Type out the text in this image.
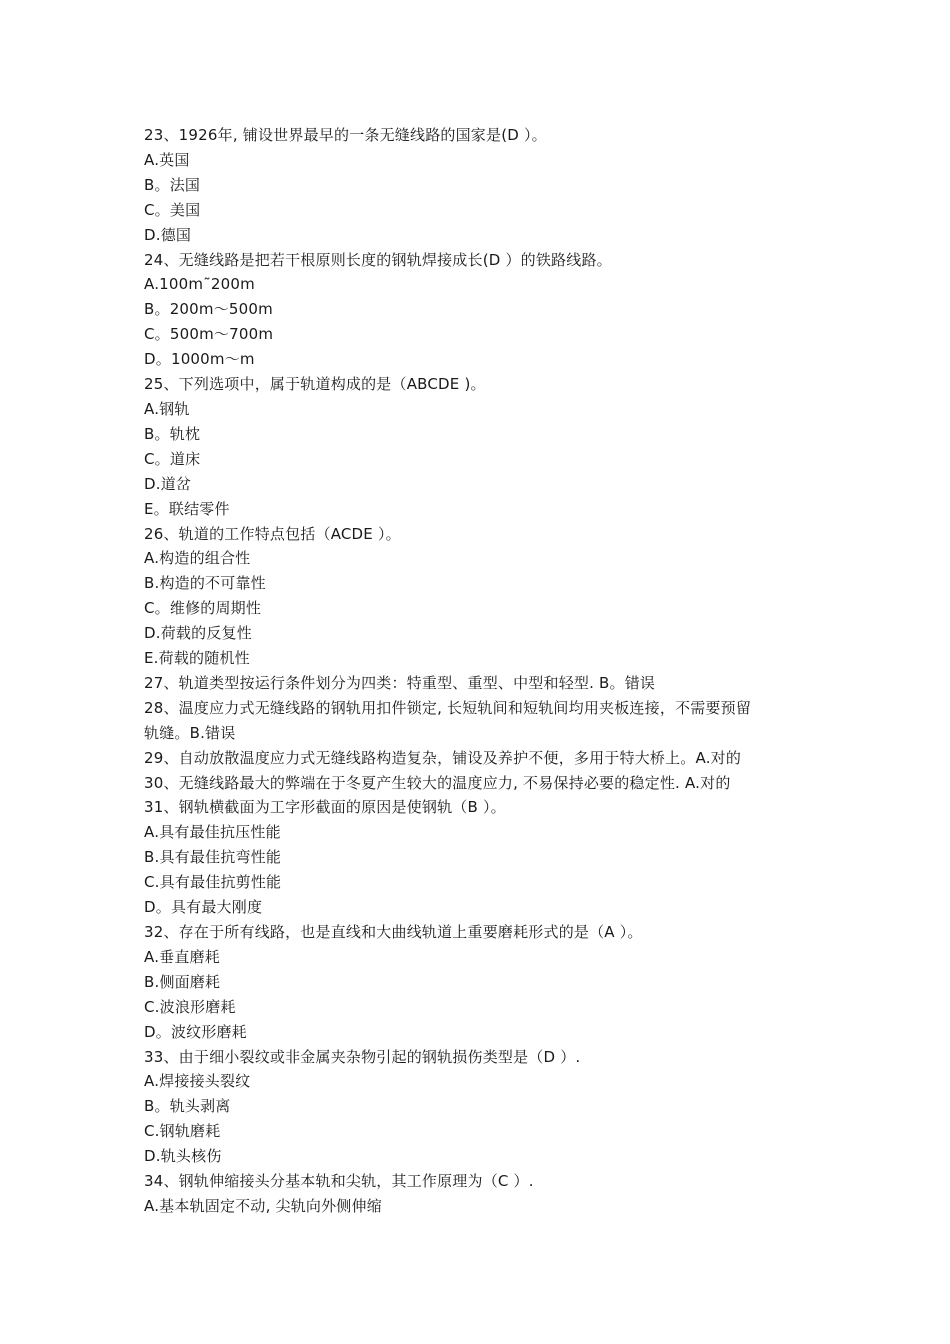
23、1926年, 铺设世界最早的一条无缝线路的国家是(D ）。
A.英国
B。法国
C。美国
D.德国
24、无缝线路是把若干根原则长度的钢轨焊接成长(D ）的铁路线路。
A.100m˜200m
B。200m～500m
C。500m～700m
D。1000m～m
25、下列选项中，属于轨道构成的是（ABCDE )。
A.钢轨
B。轨枕
C。道床
D.道岔
E。联结零件
26、轨道的工作特点包括（ACDE ）。
A.构造的组合性
B.构造的不可靠性
C。维修的周期性
D.荷载的反复性
E.荷载的随机性
27、轨道类型按运行条件划分为四类：特重型、重型、中型和轻型. B。错误
28、温度应力式无缝线路的钢轨用扣件锁定, 长短轨间和短轨间均用夹板连接，不需要预留
轨缝。B.错误
29、自动放散温度应力式无缝线路构造复杂，铺设及养护不便，多用于特大桥上。A.对的
30、无缝线路最大的弊端在于冬夏产生较大的温度应力, 不易保持必要的稳定性. A.对的
31、钢轨横截面为工字形截面的原因是使钢轨（B ）。
A.具有最佳抗压性能
B.具有最佳抗弯性能
C.具有最佳抗剪性能
D。具有最大刚度
32、存在于所有线路，也是直线和大曲线轨道上重要磨耗形式的是（A ）。
A.垂直磨耗
B.侧面磨耗
C.波浪形磨耗
D。波纹形磨耗
33、由于细小裂纹或非金属夹杂物引起的钢轨损伤类型是（D ）.
A.焊接接头裂纹
B。轨头剥离
C.钢轨磨耗
D.轨头核伤
34、钢轨伸缩接头分基本轨和尖轨，其工作原理为（C ）.
A.基本轨固定不动, 尖轨向外侧伸缩
